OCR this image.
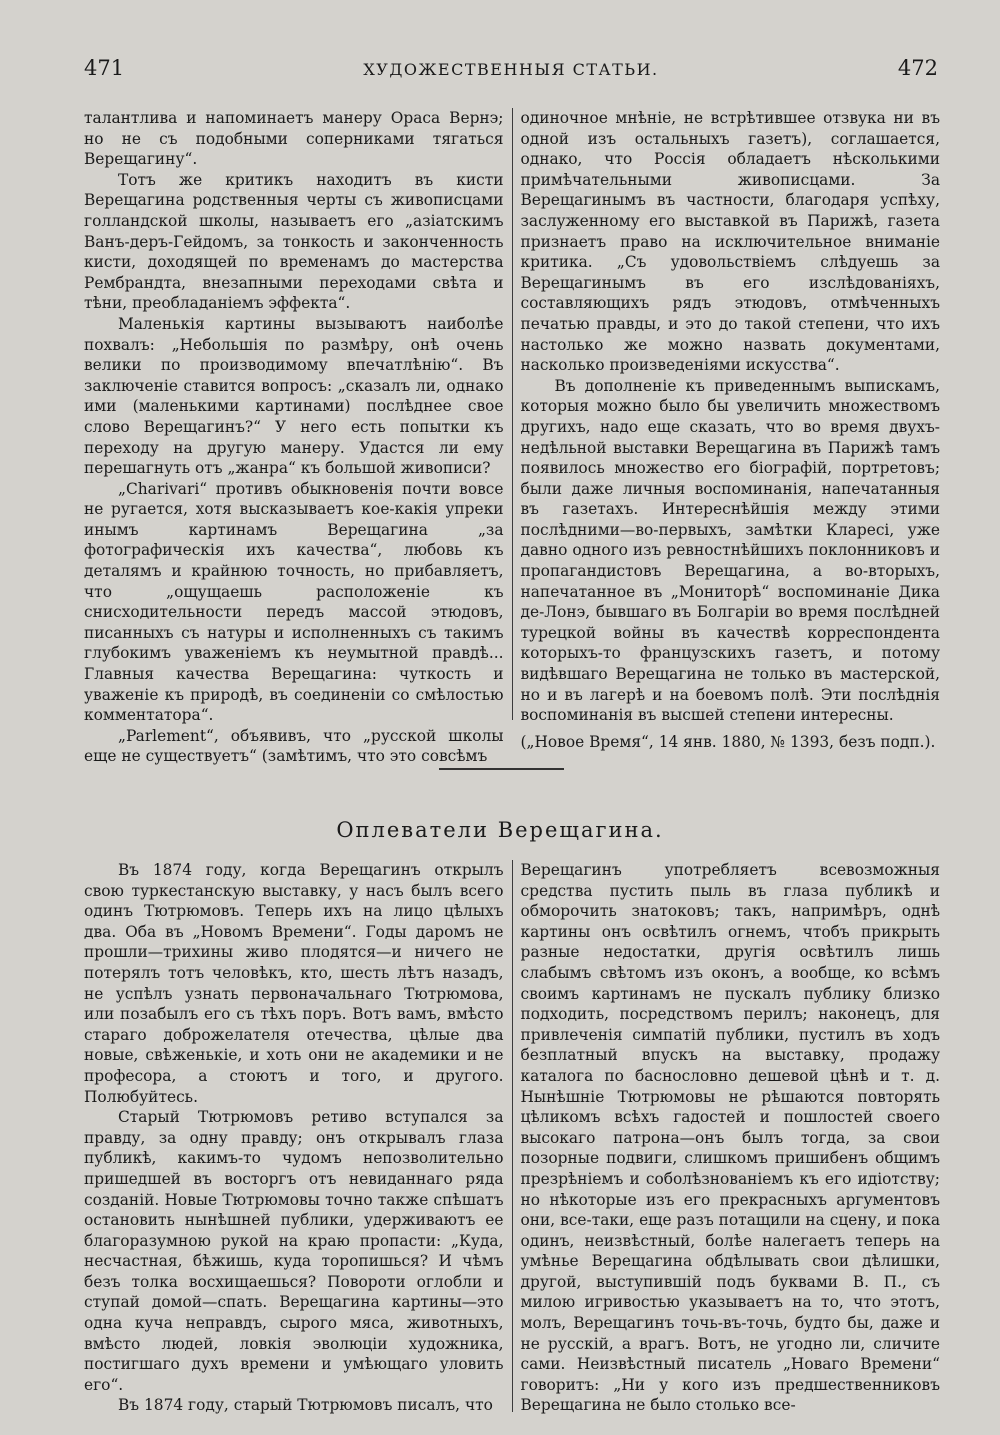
471	ХУДОЖЕСТВЕННЫЯ СТАТЬИ.	472

талантлива и напоминаетъ манеру Ораса Вернэ; но не съ подобными соперниками тягаться Верещагину“.

Тотъ же критикъ находитъ въ кисти Верещагина родственныя черты съ живописцами голландской школы, называетъ его „азіатскимъ Ванъ-деръ-Гейдомъ, за тонкость и законченность кисти, доходящей по временамъ до мастерства Рембрандта, внезапными переходами свѣта и тѣни, преобладаніемъ эффекта“.

Маленькія картины вызываютъ наиболѣе похвалъ: „Небольшія по размѣру, онѣ очень велики по производимому впечатлѣнію“. Въ заключеніе ставится вопросъ: „сказалъ ли, однако ими (маленькими картинами) послѣднее свое слово Верещагинъ?“ У него есть попытки къ переходу на другую манеру. Удастся ли ему перешагнуть отъ „жанра“ къ большой живописи?

„Charivari“ противъ обыкновенія почти вовсе не ругается, хотя высказываетъ кое-какія упреки инымъ картинамъ Верещагина „за фотографическія ихъ качества“, любовь къ деталямъ и крайнюю точность, но прибавляетъ, что „ощущаешь расположеніе къ снисходительности передъ массой этюдовъ, писанныхъ съ натуры и исполненныхъ съ такимъ глубокимъ уваженіемъ къ неумытной правдѣ... Главныя качества Верещагина: чуткость и уваженіе къ природѣ, въ соединеніи со смѣлостью комментатора“.

„Parlement“, объявивъ, что „русской школы еще не существуетъ“ (замѣтимъ, что это совсѣмъ

одиночное мнѣніе, не встрѣтившее отзвука ни въ одной изъ остальныхъ газетъ), соглашается, однако, что Россія обладаетъ нѣсколькими примѣчательными живописцами. За Верещагинымъ въ частности, благодаря успѣху, заслуженному его выставкой въ Парижѣ, газета признаетъ право на исключительное вниманіе критика. „Съ удовольствіемъ слѣдуешь за Верещагинымъ въ его изслѣдованіяхъ, составляющихъ рядъ этюдовъ, отмѣченныхъ печатью правды, и это до такой степени, что ихъ настолько же можно назвать документами, насколько произведеніями искусства“.

Въ дополненіе къ приведеннымъ выпискамъ, которыя можно было бы увеличить множествомъ другихъ, надо еще сказать, что во время двухъ-недѣльной выставки Верещагина въ Парижѣ тамъ появилось множество его біографій, портретовъ; были даже личныя воспоминанія, напечатанныя въ газетахъ. Интереснѣйшія между этими послѣдними—во-первыхъ, замѣтки Кларесі, уже давно одного изъ ревностнѣйшихъ поклонниковъ и пропагандистовъ Верещагина, а во-вторыхъ, напечатанное въ „Мониторѣ“ воспоминаніе Дика де-Лонэ, бывшаго въ Болгаріи во время послѣдней турецкой войны въ качествѣ корреспондента которыхъ-то французскихъ газетъ, и потому видѣвшаго Верещагина не только въ мастерской, но и въ лагерѣ и на боевомъ полѣ. Эти послѣднія воспоминанія въ высшей степени интересны.

(„Новое Время“, 14 янв. 1880, № 1393, безъ подп.).

Оплеватели Верещагина.

Въ 1874 году, когда Верещагинъ открылъ свою туркестанскую выставку, у насъ былъ всего одинъ Тютрюмовъ. Теперь ихъ на лицо цѣлыхъ два. Оба въ „Новомъ Времени“. Годы даромъ не прошли—трихины живо плодятся—и ничего не потерялъ тотъ человѣкъ, кто, шесть лѣтъ назадъ, не успѣлъ узнать первоначальнаго Тютрюмова, или позабылъ его съ тѣхъ поръ. Вотъ вамъ, вмѣсто стараго доброжелателя отечества, цѣлые два новые, свѣженькіе, и хоть они не академики и не професора, а стоютъ и того, и другого. Полюбуйтесь.

Старый Тютрюмовъ ретиво вступался за правду, за одну правду; онъ открывалъ глаза публикѣ, какимъ-то чудомъ непозволительно пришедшей въ восторгъ отъ невиданнаго ряда созданій. Новые Тютрюмовы точно также спѣшатъ остановить нынѣшней публики, удерживаютъ ее благоразумною рукой на краю пропасти: „Куда, несчастная, бѣжишь, куда торопишься? И чѣмъ безъ толка восхищаешься? Поворoти оглобли и ступай домой—спать. Верещагина картины—это одна куча неправдъ, сырого мяса, животныхъ, вмѣсто людей, ловкія эволюціи художника, постигшаго духъ времени и умѣющаго уловить его“.

Въ 1874 году, старый Тютрюмовъ писалъ, что

Верещагинъ употребляетъ всевозможныя средства пустить пыль въ глаза публикѣ и обморочить знатоковъ; такъ, напримѣръ, однѣ картины онъ освѣтилъ огнемъ, чтобъ прикрыть разные недостатки, другія освѣтилъ лишь слабымъ свѣтомъ изъ оконъ, а вообще, ко всѣмъ своимъ картинамъ не пускалъ публику близко подходить, посредствомъ перилъ; наконецъ, для привлеченія симпатій публики, пустилъ въ ходъ безплатный впускъ на выставку, продажу каталога по баснословно дешевой цѣнѣ и т. д. Нынѣшніе Тютрюмовы не рѣшаются повторять цѣликомъ всѣхъ гадостей и пошлостей своего высокаго патрона—онъ былъ тогда, за свои позорные подвиги, слишкомъ пришибенъ общимъ презрѣніемъ и соболѣзнованіемъ къ его идіотству; но нѣкоторые изъ его прекрасныхъ аргументовъ они, все-таки, еще разъ потащили на сцену, и пока одинъ, неизвѣстный, болѣе налегаетъ теперь на умѣнье Верещагина обдѣлывать свои дѣлишки, другой, выступившій подъ буквами В. П., съ милою игривостью указываетъ на то, что этотъ, молъ, Верещагинъ точь-въ-точь, будто бы, даже и не русскій, а врагъ. Вотъ, не угодно ли, сличите сами. Неизвѣстный писатель „Новаго Времени“ говоритъ: „Ни у кого изъ предшественниковъ Верещагина не было столько все-
